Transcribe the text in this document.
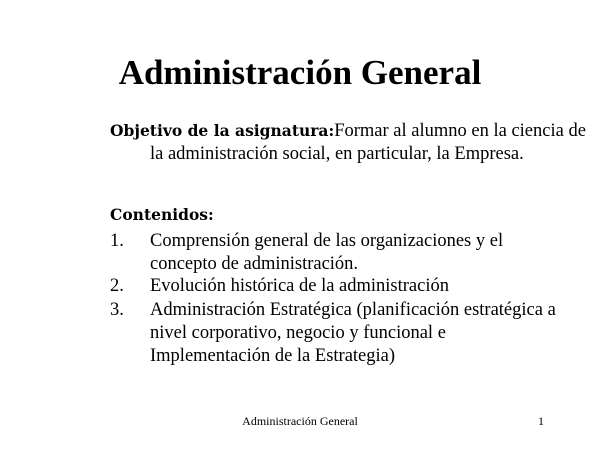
Administración General
Objetivo de la asignatura:Formar al alumno en la ciencia de la administración social, en particular, la Empresa.
Contenidos:
1.	Comprensión general de las organizaciones y el concepto de administración.
2.	Evolución histórica de la administración
3.	Administración Estratégica (planificación estratégica a nivel corporativo, negocio y funcional e Implementación de la Estrategia)
Administración General	1
